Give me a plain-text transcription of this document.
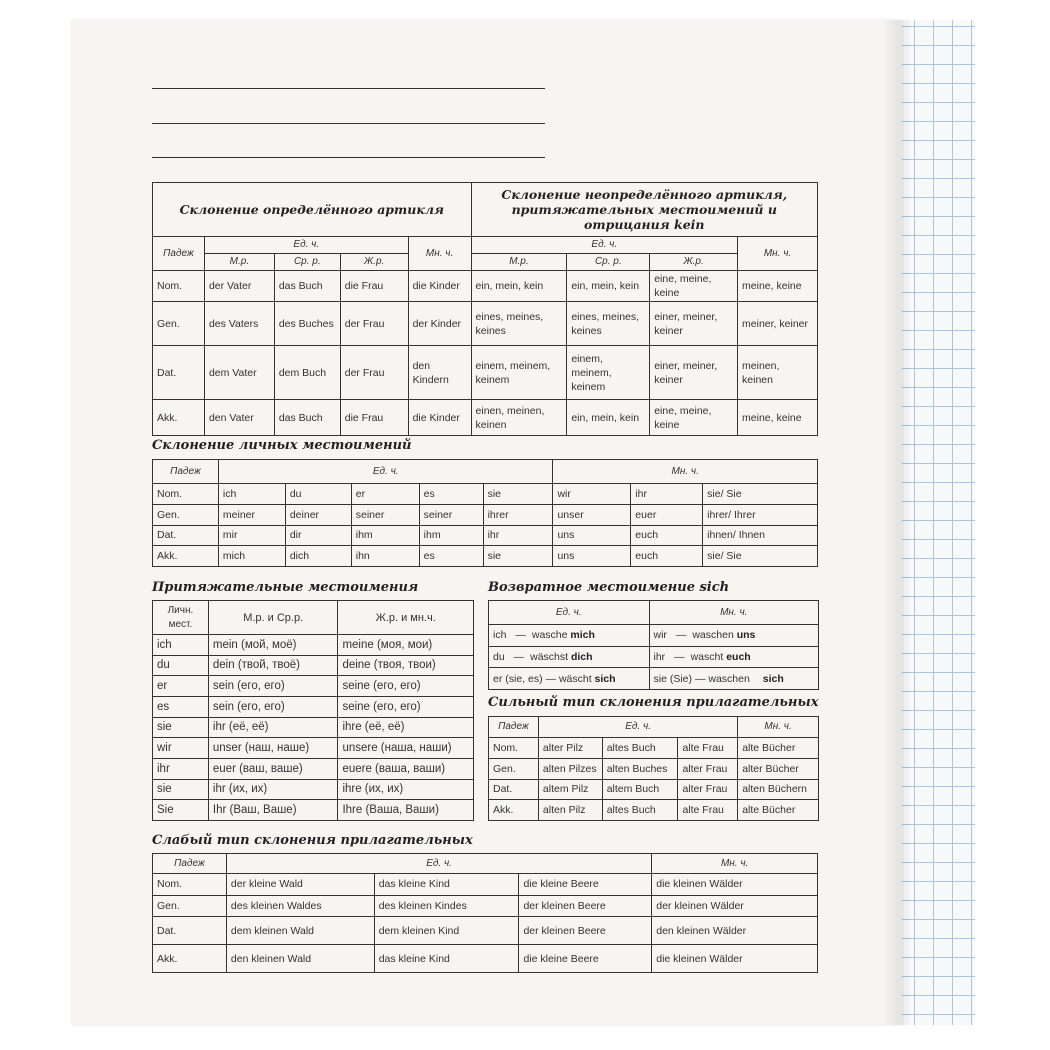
Склонение определённого артикля					Склонение неопределённого артикля, притяжательных местоимений и отрицания kein			
Падеж	Ед. ч.			Мн. ч.	Ед. ч.			Мн. ч.
	М.р.	Ср. р.	Ж.р.		М.р.	Ср. р.	Ж.р.	
Nom.	der Vater	das Buch	die Frau	die Kinder	ein, mein, kein	ein, mein, kein	eine, meine, keine	meine, keine
Gen.	des Vaters	des Buches	der Frau	der Kinder	eines, meines, keines	eines, meines, keines	einer, meiner, keiner	meiner, keiner
Dat.	dem Vater	dem Buch	der Frau	den Kindern	einem, meinem, keinem	einem, meinem, keinem	einer, meiner, keiner	meinen, keinen
Akk.	den Vater	das Buch	die Frau	die Kinder	einen, meinen, keinen	ein, mein, kein	eine, meine, keine	meine, keine
Склонение личных местоимений
Падеж	Ед. ч.					Мн. ч.		
Nom.	ich	du	er	es	sie	wir	ihr	sie/ Sie
Gen.	meiner	deiner	seiner	seiner	ihrer	unser	euer	ihrer/ Ihrer
Dat.	mir	dir	ihm	ihm	ihr	uns	euch	ihnen/ Ihnen
Akk.	mich	dich	ihn	es	sie	uns	euch	sie/ Sie
Притяжательные местоимения
Личн. мест.	М.р. и Ср.р.	Ж.р. и мн.ч.
ich	mein (мой, моё)	meine (моя, мои)
du	dein (твой, твоё)	deine (твоя, твои)
er	sein (его, его)	seine (его, его)
es	sein (его, его)	seine (его, его)
sie	ihr (её, её)	ihre (её, её)
wir	unser (наш, наше)	unsere (наша, наши)
ihr	euer (ваш, ваше)	euere (ваша, ваши)
sie	ihr (их, их)	ihre (их, их)
Sie	Ihr (Ваш, Ваше)	Ihre (Ваша, Ваши)
Возвратное местоимение sich
Ед. ч.	Мн. ч.
ich — wasche mich	wir — waschen uns
du — wäschst dich	ihr — wascht euch
er (sie, es) — wäscht sich	sie (Sie) — waschen sich
Сильный тип склонения прилагательных
Падеж	Ед. ч.			Мн. ч.
Nom.	alter Pilz	altes Buch	alte Frau	alte Bücher
Gen.	alten Pilzes	alten Buches	alter Frau	alter Bücher
Dat.	altem Pilz	altem Buch	alter Frau	alten Büchern
Akk.	alten Pilz	altes Buch	alte Frau	alte Bücher
Слабый тип склонения прилагательных
Падеж	Ед. ч.			Мн. ч.
Nom.	der kleine Wald	das kleine Kind	die kleine Beere	die kleinen Wälder
Gen.	des kleinen Waldes	des kleinen Kindes	der kleinen Beere	der kleinen Wälder
Dat.	dem kleinen Wald	dem kleinen Kind	der kleinen Beere	den kleinen Wälder
Akk.	den kleinen Wald	das kleine Kind	die kleine Beere	die kleinen Wälder
